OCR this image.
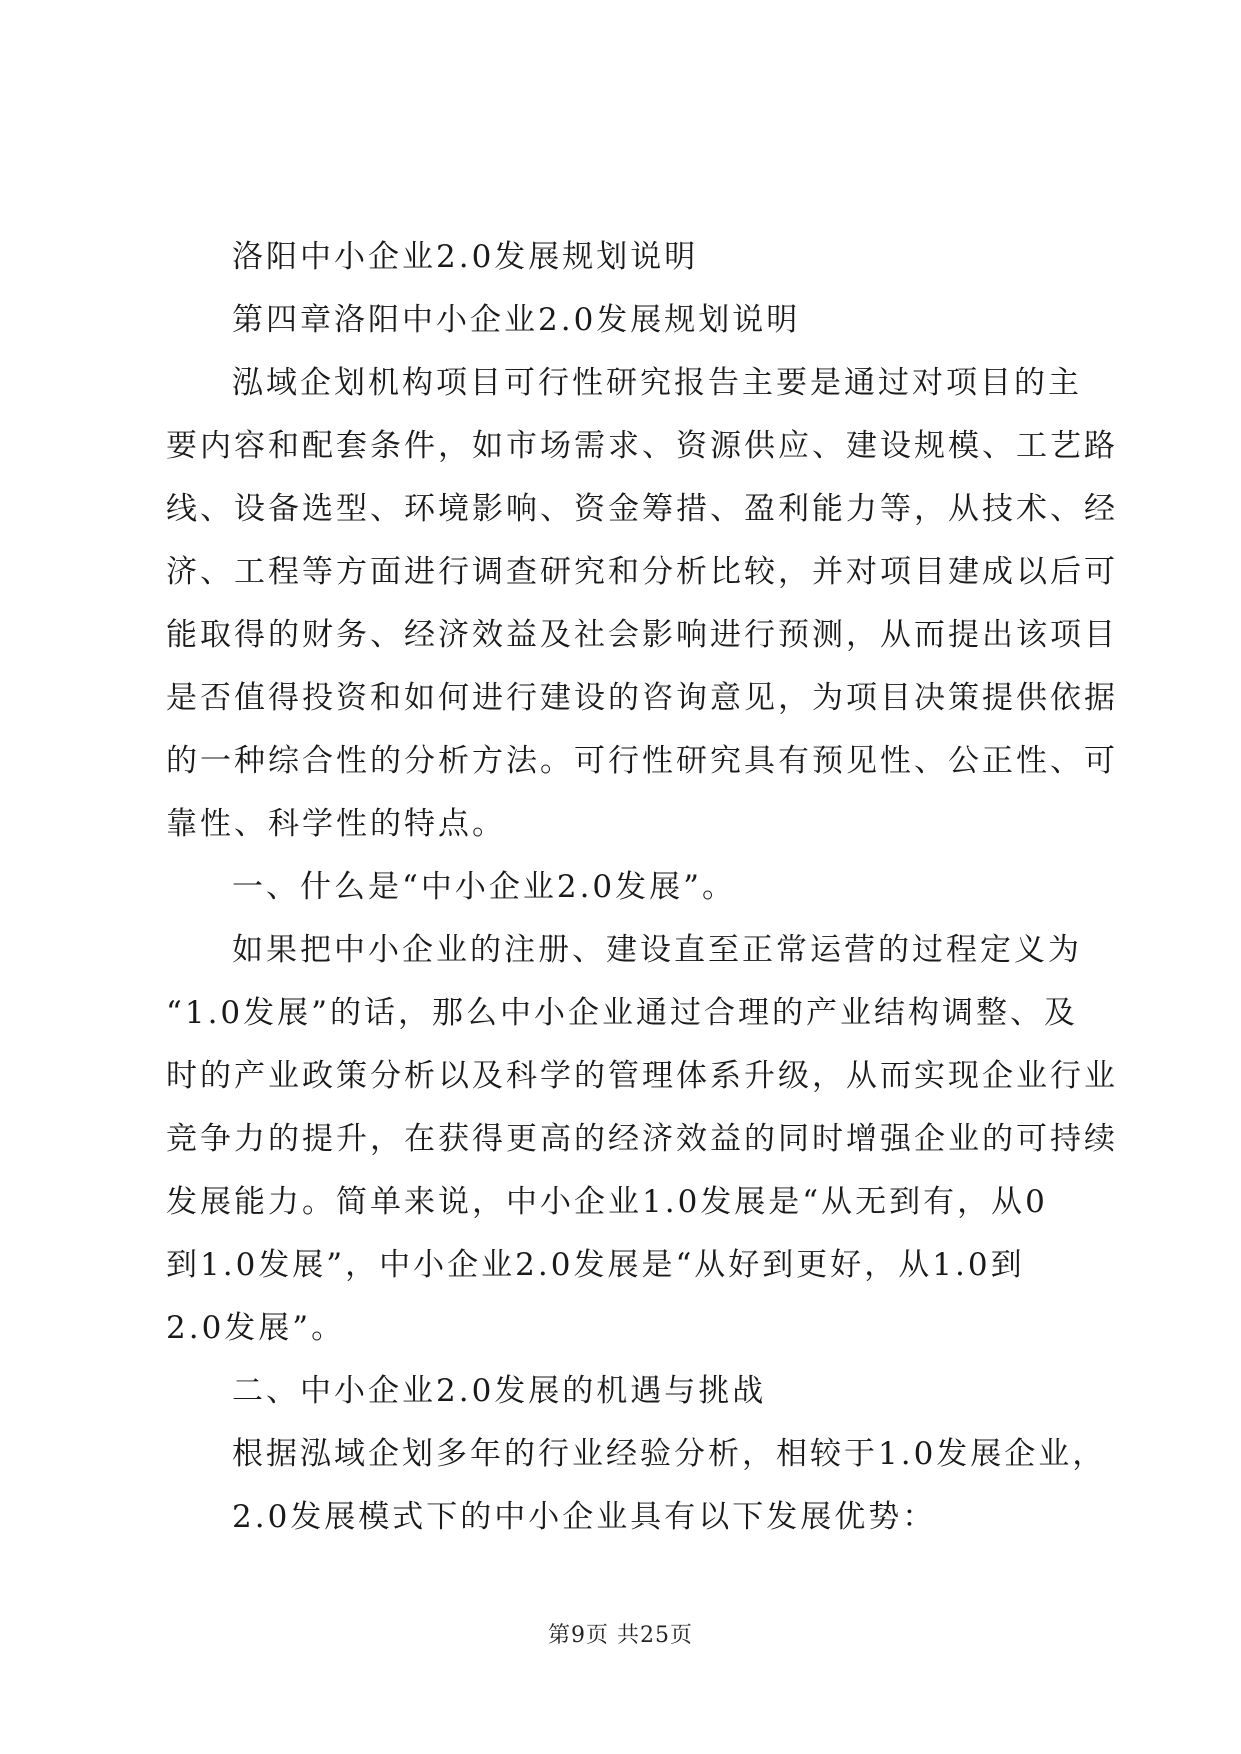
洛阳中小企业2.0发展规划说明
第四章洛阳中小企业2.0发展规划说明
泓域企划机构项目可行性研究报告主要是通过对项目的主
要内容和配套条件，如市场需求、资源供应、建设规模、工艺路
线、设备选型、环境影响、资金筹措、盈利能力等，从技术、经
济、工程等方面进行调查研究和分析比较，并对项目建成以后可
能取得的财务、经济效益及社会影响进行预测，从而提出该项目
是否值得投资和如何进行建设的咨询意见，为项目决策提供依据
的一种综合性的分析方法。可行性研究具有预见性、公正性、可
靠性、科学性的特点。
一、什么是“中小企业2.0发展”。
如果把中小企业的注册、建设直至正常运营的过程定义为
“1.0发展”的话，那么中小企业通过合理的产业结构调整、及
时的产业政策分析以及科学的管理体系升级，从而实现企业行业
竞争力的提升，在获得更高的经济效益的同时增强企业的可持续
发展能力。简单来说，中小企业1.0发展是“从无到有，从0
到1.0发展”，中小企业2.0发展是“从好到更好，从1.0到
2.0发展”。
二、中小企业2.0发展的机遇与挑战
根据泓域企划多年的行业经验分析，相较于1.0发展企业，
2.0发展模式下的中小企业具有以下发展优势：
第9页 共25页
